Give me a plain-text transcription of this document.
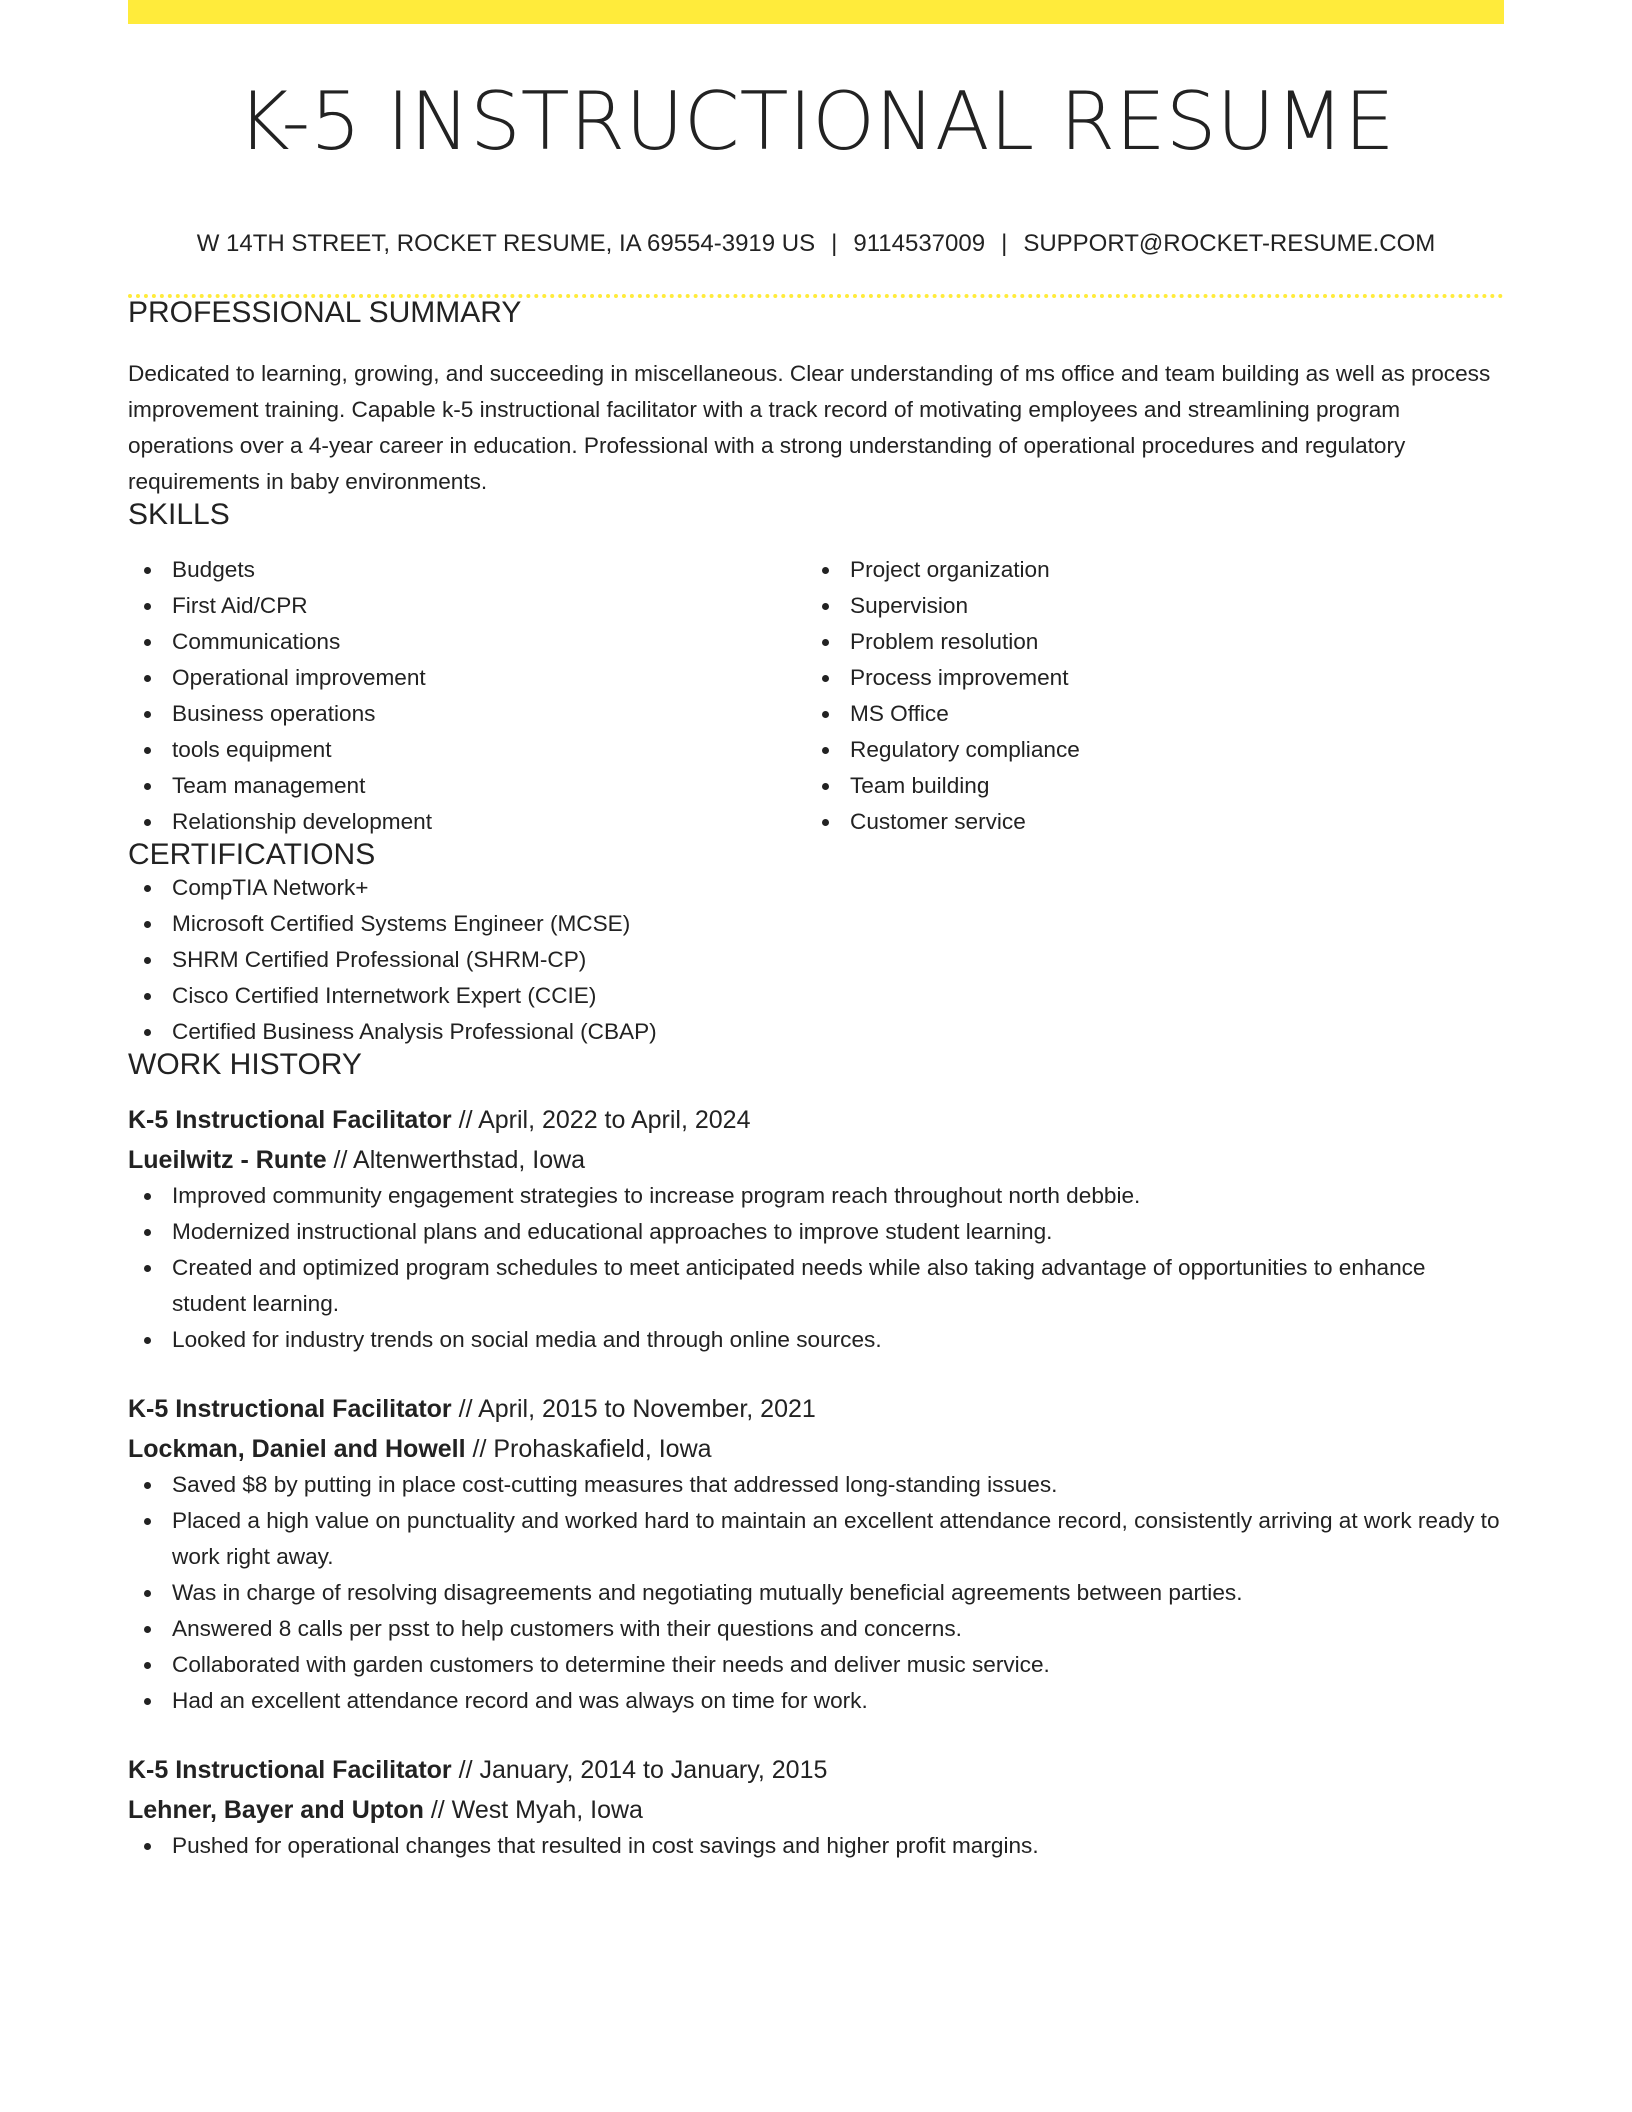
K-5 INSTRUCTIONAL RESUME
W 14TH STREET, ROCKET RESUME, IA 69554-3919 US | 9114537009 | SUPPORT@ROCKET-RESUME.COM
PROFESSIONAL SUMMARY

Dedicated to learning, growing, and succeeding in miscellaneous. Clear understanding of ms office and team building as well as process improvement training. Capable k-5 instructional facilitator with a track record of motivating employees and streamlining program operations over a 4-year career in education. Professional with a strong understanding of operational procedures and regulatory requirements in baby environments.

SKILLS
Budgets
First Aid/CPR
Communications
Operational improvement
Business operations
tools equipment
Team management
Relationship development
Project organization
Supervision
Problem resolution
Process improvement
MS Office
Regulatory compliance
Team building
Customer service
CERTIFICATIONS
CompTIA Network+
Microsoft Certified Systems Engineer (MCSE)
SHRM Certified Professional (SHRM-CP)
Cisco Certified Internetwork Expert (CCIE)
Certified Business Analysis Professional (CBAP)
WORK HISTORY
K-5 Instructional Facilitator // April, 2022 to April, 2024
Lueilwitz - Runte // Altenwerthstad, Iowa
Improved community engagement strategies to increase program reach throughout north debbie.
Modernized instructional plans and educational approaches to improve student learning.
Created and optimized program schedules to meet anticipated needs while also taking advantage of opportunities to enhance student learning.
Looked for industry trends on social media and through online sources.
K-5 Instructional Facilitator // April, 2015 to November, 2021
Lockman, Daniel and Howell // Prohaskafield, Iowa
Saved $8 by putting in place cost-cutting measures that addressed long-standing issues.
Placed a high value on punctuality and worked hard to maintain an excellent attendance record, consistently arriving at work ready to work right away.
Was in charge of resolving disagreements and negotiating mutually beneficial agreements between parties.
Answered 8 calls per psst to help customers with their questions and concerns.
Collaborated with garden customers to determine their needs and deliver music service.
Had an excellent attendance record and was always on time for work.
K-5 Instructional Facilitator // January, 2014 to January, 2015
Lehner, Bayer and Upton // West Myah, Iowa
Pushed for operational changes that resulted in cost savings and higher profit margins.
